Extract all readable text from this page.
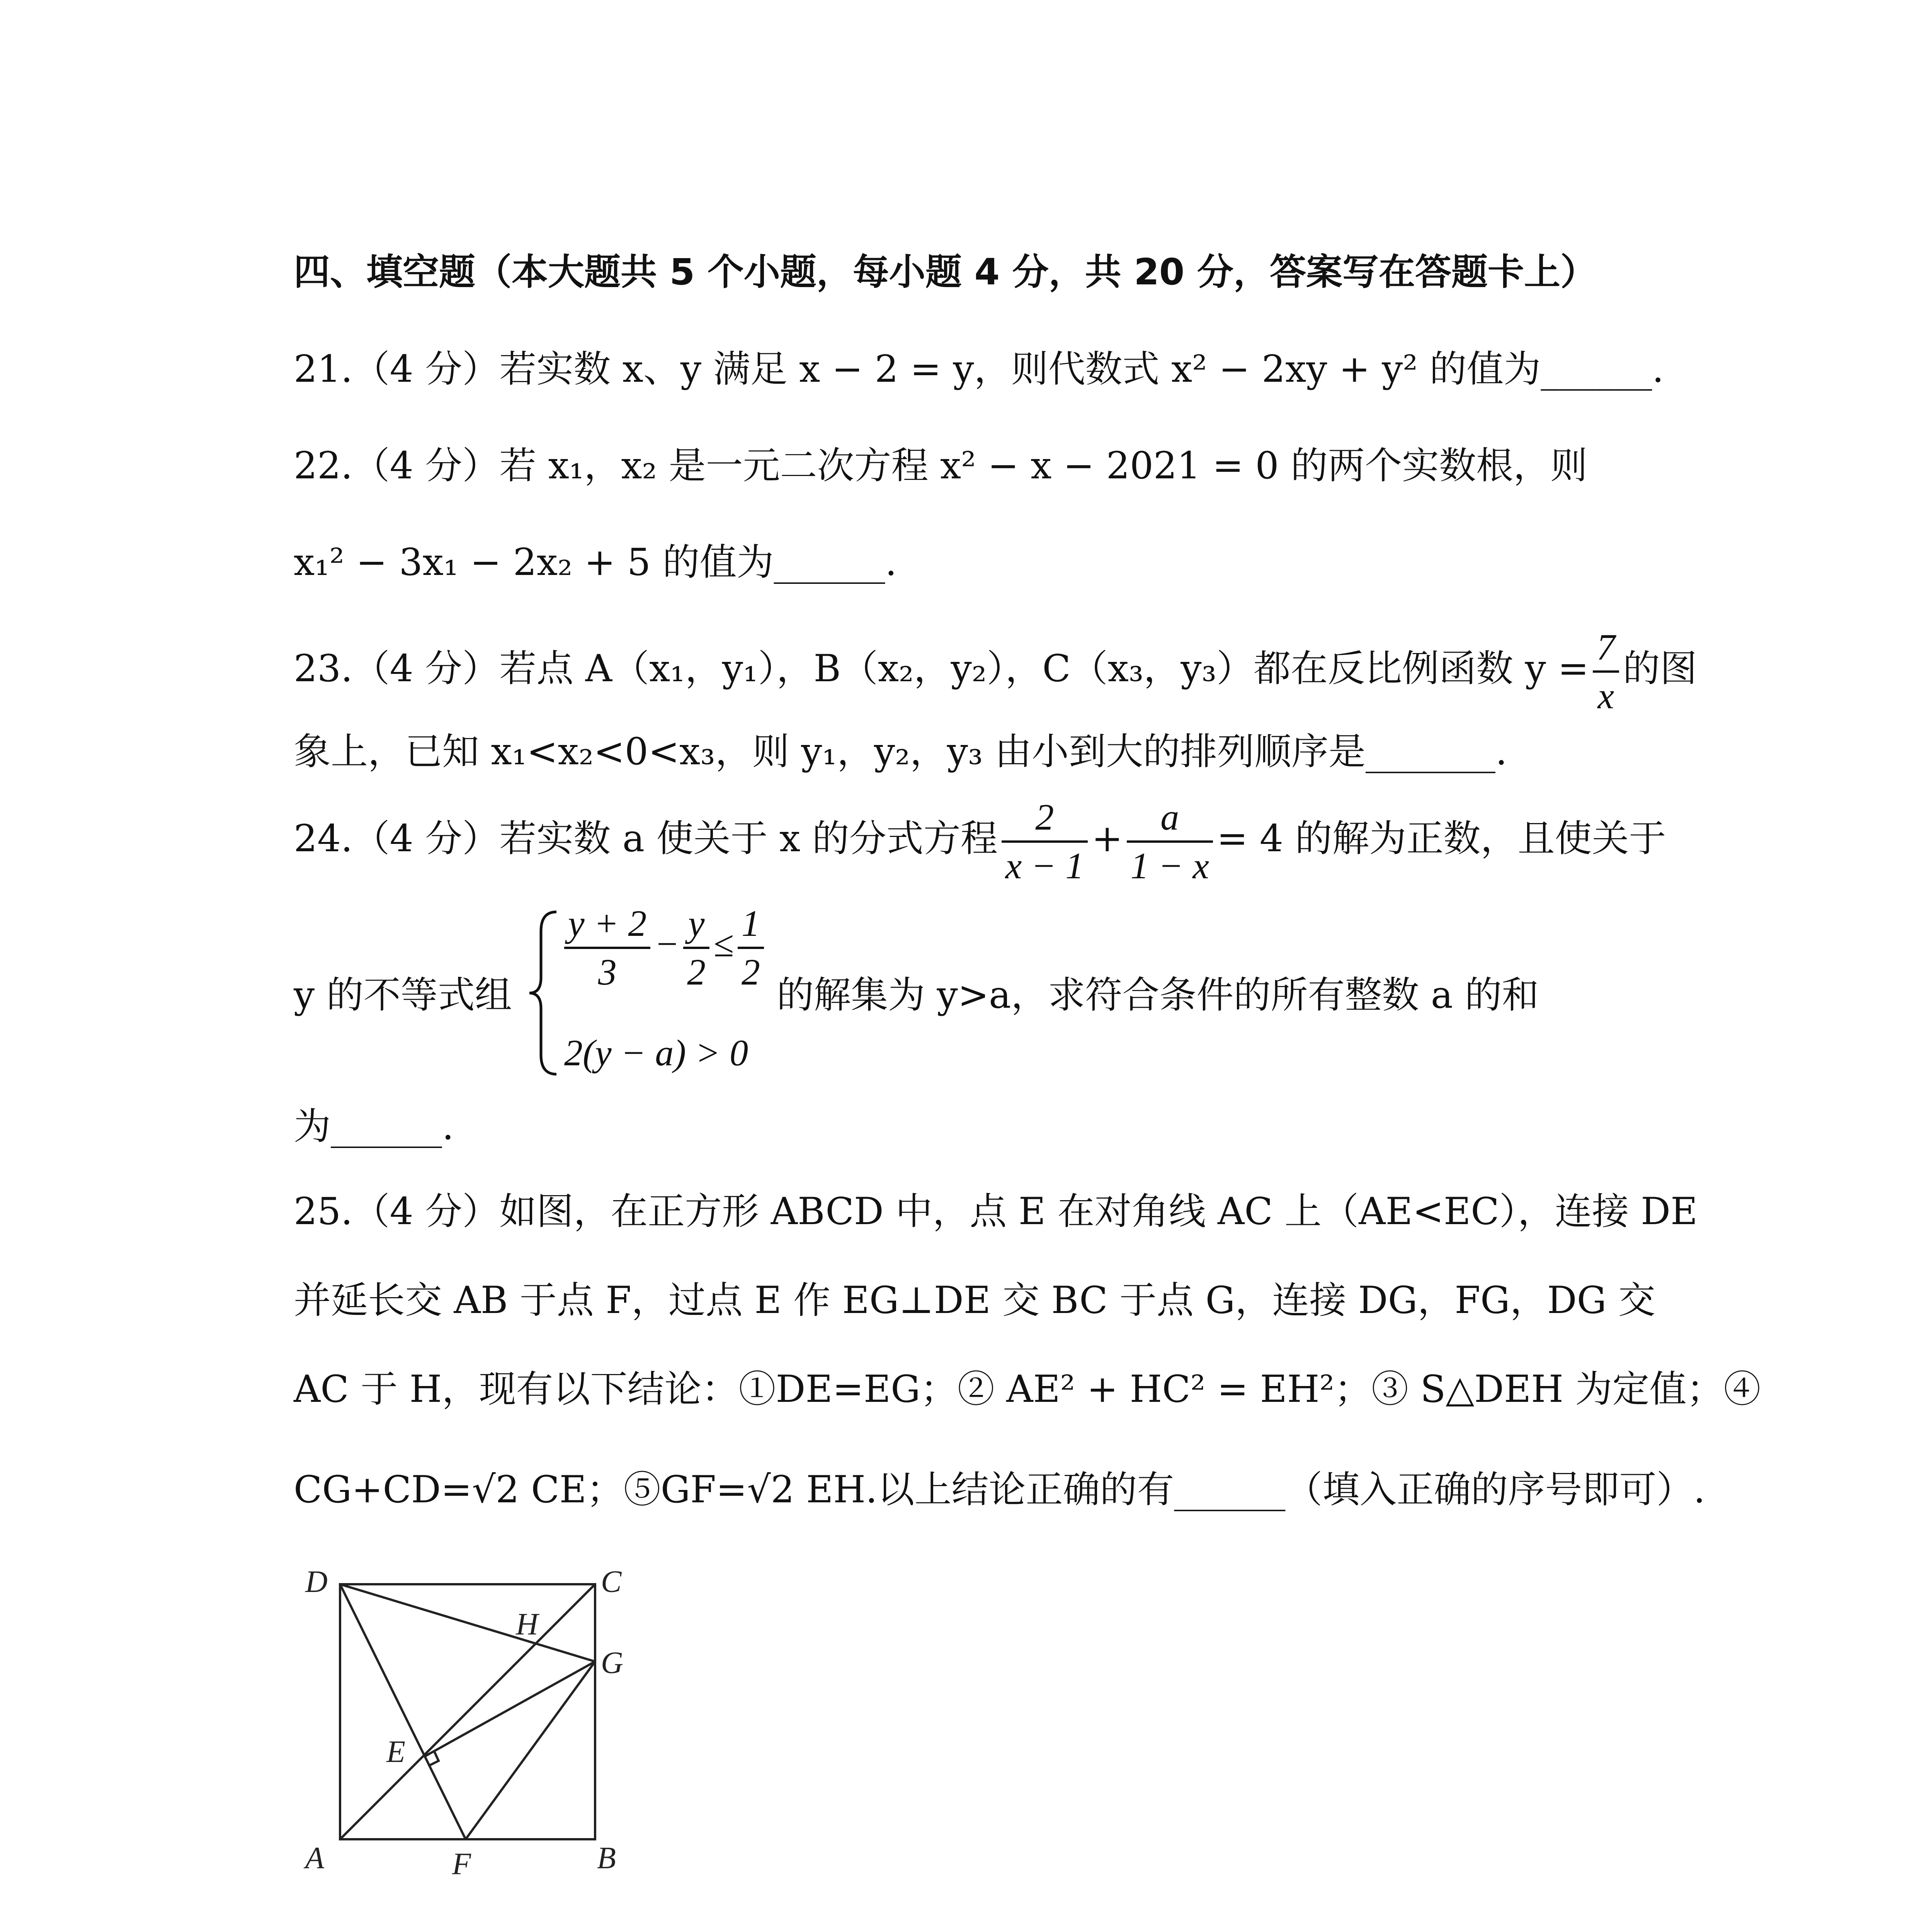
四、填空题（本大题共 5 个小题，每小题 4 分，共 20 分，答案写在答题卡上）
21.（4 分）若实数 x、y 满足 x − 2 = y，则代数式 x² − 2xy + y² 的值为______.
22.（4 分）若 x₁，x₂ 是一元二次方程 x² − x − 2021 = 0 的两个实数根，则
x₁² − 3x₁ − 2x₂ + 5 的值为______.
23.（4 分）若点 A（x₁，y₁），B（x₂，y₂），C（x₃，y₃）都在反比例函数 $y = \frac{7}{x}$ 的图
象上，已知 x₁<x₂<0<x₃，则 y₁，y₂，y₃ 由小到大的排列顺序是_______.
24.（4 分）若实数 a 使关于 x 的分式方程 $\frac{2}{x - 1} + \frac{a}{1 - x} = 4$ 的解为正数，且使关于
y 的不等式组 $\frac{y + 2}{3} - \frac{y}{2} \le \frac{1}{2}$
2(y − a) > 0
的解集为 y>a，求符合条件的所有整数 a 的和
为______.
25.（4 分）如图，在正方形 ABCD 中，点 E 在对角线 AC 上（AE<EC），连接 DE
并延长交 AB 于点 F，过点 E 作 EG⊥DE 交 BC 于点 G，连接 DG，FG，DG 交
AC 于 H，现有以下结论：①DE=EG；② AE² + HC² = EH²；③ S△DEH 为定值；④
CG+CD=√2 CE；⑤GF=√2 EH.以上结论正确的有______（填入正确的序号即可）.
D	C
H
G
E
A	F	B
